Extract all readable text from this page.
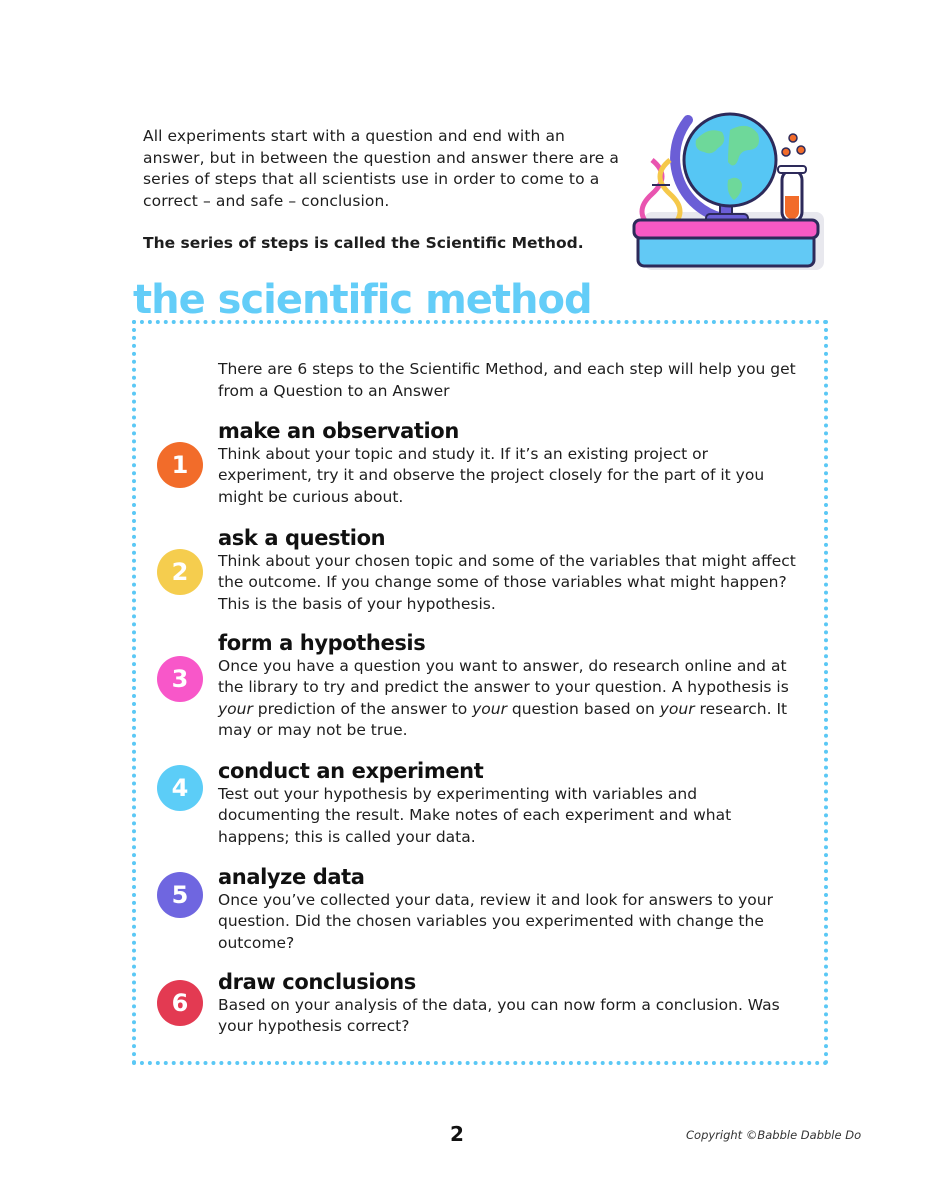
All experiments start with a question and end with an answer, but in between the question and answer there are a series of steps that all scientists use in order to come to a correct – and safe – conclusion.

The series of steps is called the Scientific Method.

the scientific method

There are 6 steps to the Scientific Method, and each step will help you get from a Question to an Answer

1
make an observation

Think about your topic and study it. If it’s an existing project or experiment, try it and observe the project closely for the part of it you might be curious about.

2
ask a question

Think about your chosen topic and some of the variables that might affect the outcome. If you change some of those variables what might happen? This is the basis of your hypothesis.

3
form a hypothesis

Once you have a question you want to answer, do research online and at the library to try and predict the answer to your question. A hypothesis is your prediction of the answer to your question based on your research. It may or may not be true.

4
conduct an experiment

Test out your hypothesis by experimenting with variables and documenting the result. Make notes of each experiment and what happens; this is called your data.

5
analyze data

Once you’ve collected your data, review it and look for answers to your question. Did the chosen variables you experimented with change the outcome?

6
draw conclusions

Based on your analysis of the data, you can now form a conclusion. Was your hypothesis correct?

2	Copyright ©Babble Dabble Do
